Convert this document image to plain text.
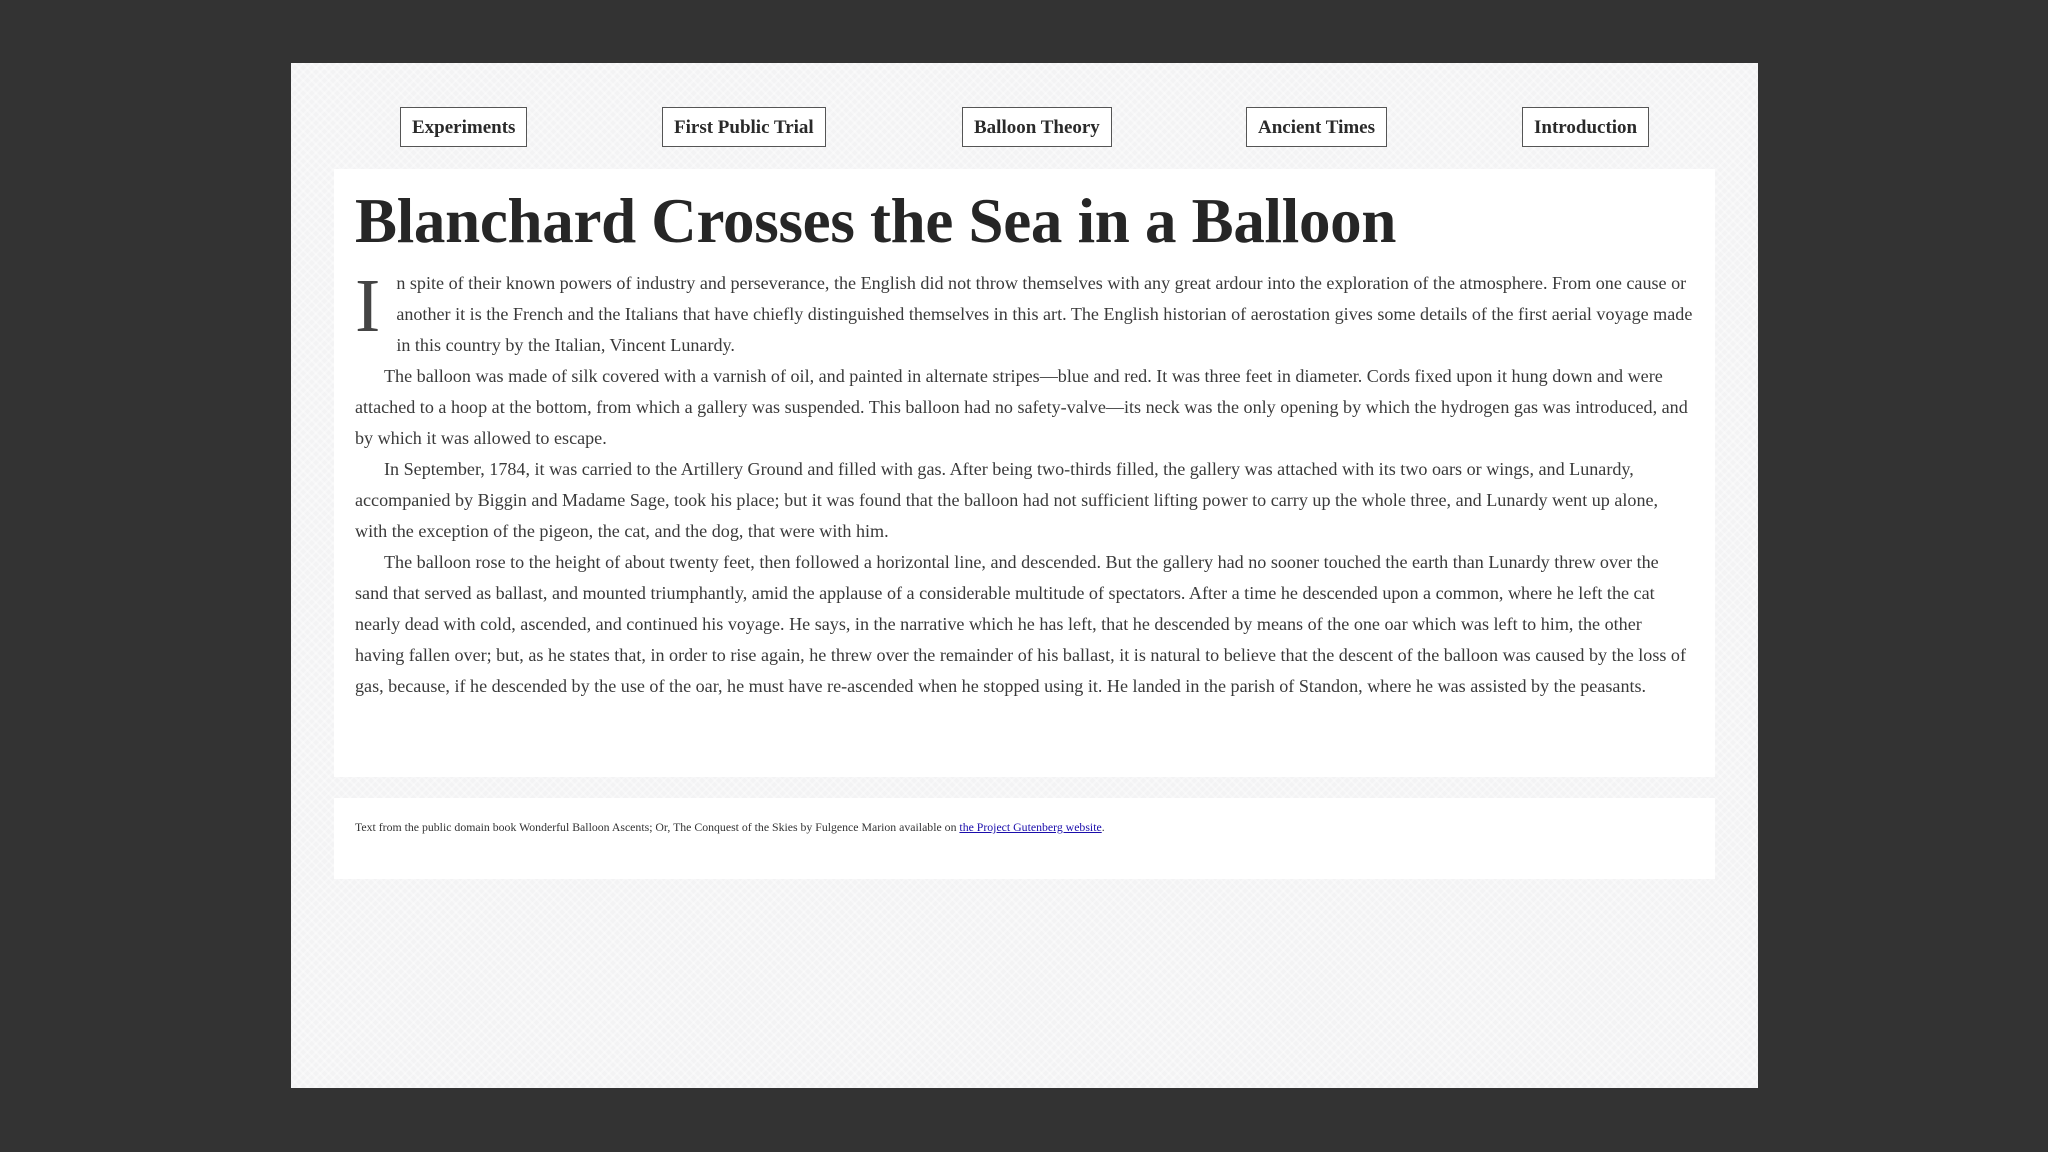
Experiments	First Public Trial	Balloon Theory	Ancient Times	Introduction
Blanchard Crosses the Sea in a Balloon

In spite of their known powers of industry and perseverance, the English did not throw themselves with any great ardour into the exploration of the atmosphere. From one cause or another it is the French and the Italians that have chiefly distinguished themselves in this art. The English historian of aerostation gives some details of the first aerial voyage made in this country by the Italian, Vincent Lunardy.

The balloon was made of silk covered with a varnish of oil, and painted in alternate stripes—blue and red. It was three feet in diameter. Cords fixed upon it hung down and were attached to a hoop at the bottom, from which a gallery was suspended. This balloon had no safety-valve—its neck was the only opening by which the hydrogen gas was introduced, and by which it was allowed to escape.

In September, 1784, it was carried to the Artillery Ground and filled with gas. After being two-thirds filled, the gallery was attached with its two oars or wings, and Lunardy, accompanied by Biggin and Madame Sage, took his place; but it was found that the balloon had not sufficient lifting power to carry up the whole three, and Lunardy went up alone, with the exception of the pigeon, the cat, and the dog, that were with him.

The balloon rose to the height of about twenty feet, then followed a horizontal line, and descended. But the gallery had no sooner touched the earth than Lunardy threw over the sand that served as ballast, and mounted triumphantly, amid the applause of a considerable multitude of spectators. After a time he descended upon a common, where he left the cat nearly dead with cold, ascended, and continued his voyage. He says, in the narrative which he has left, that he descended by means of the one oar which was left to him, the other having fallen over; but, as he states that, in order to rise again, he threw over the remainder of his ballast, it is natural to believe that the descent of the balloon was caused by the loss of gas, because, if he descended by the use of the oar, he must have re-ascended when he stopped using it. He landed in the parish of Standon, where he was assisted by the peasants.

Text from the public domain book Wonderful Balloon Ascents; Or, The Conquest of the Skies by Fulgence Marion available on the Project Gutenberg website.
